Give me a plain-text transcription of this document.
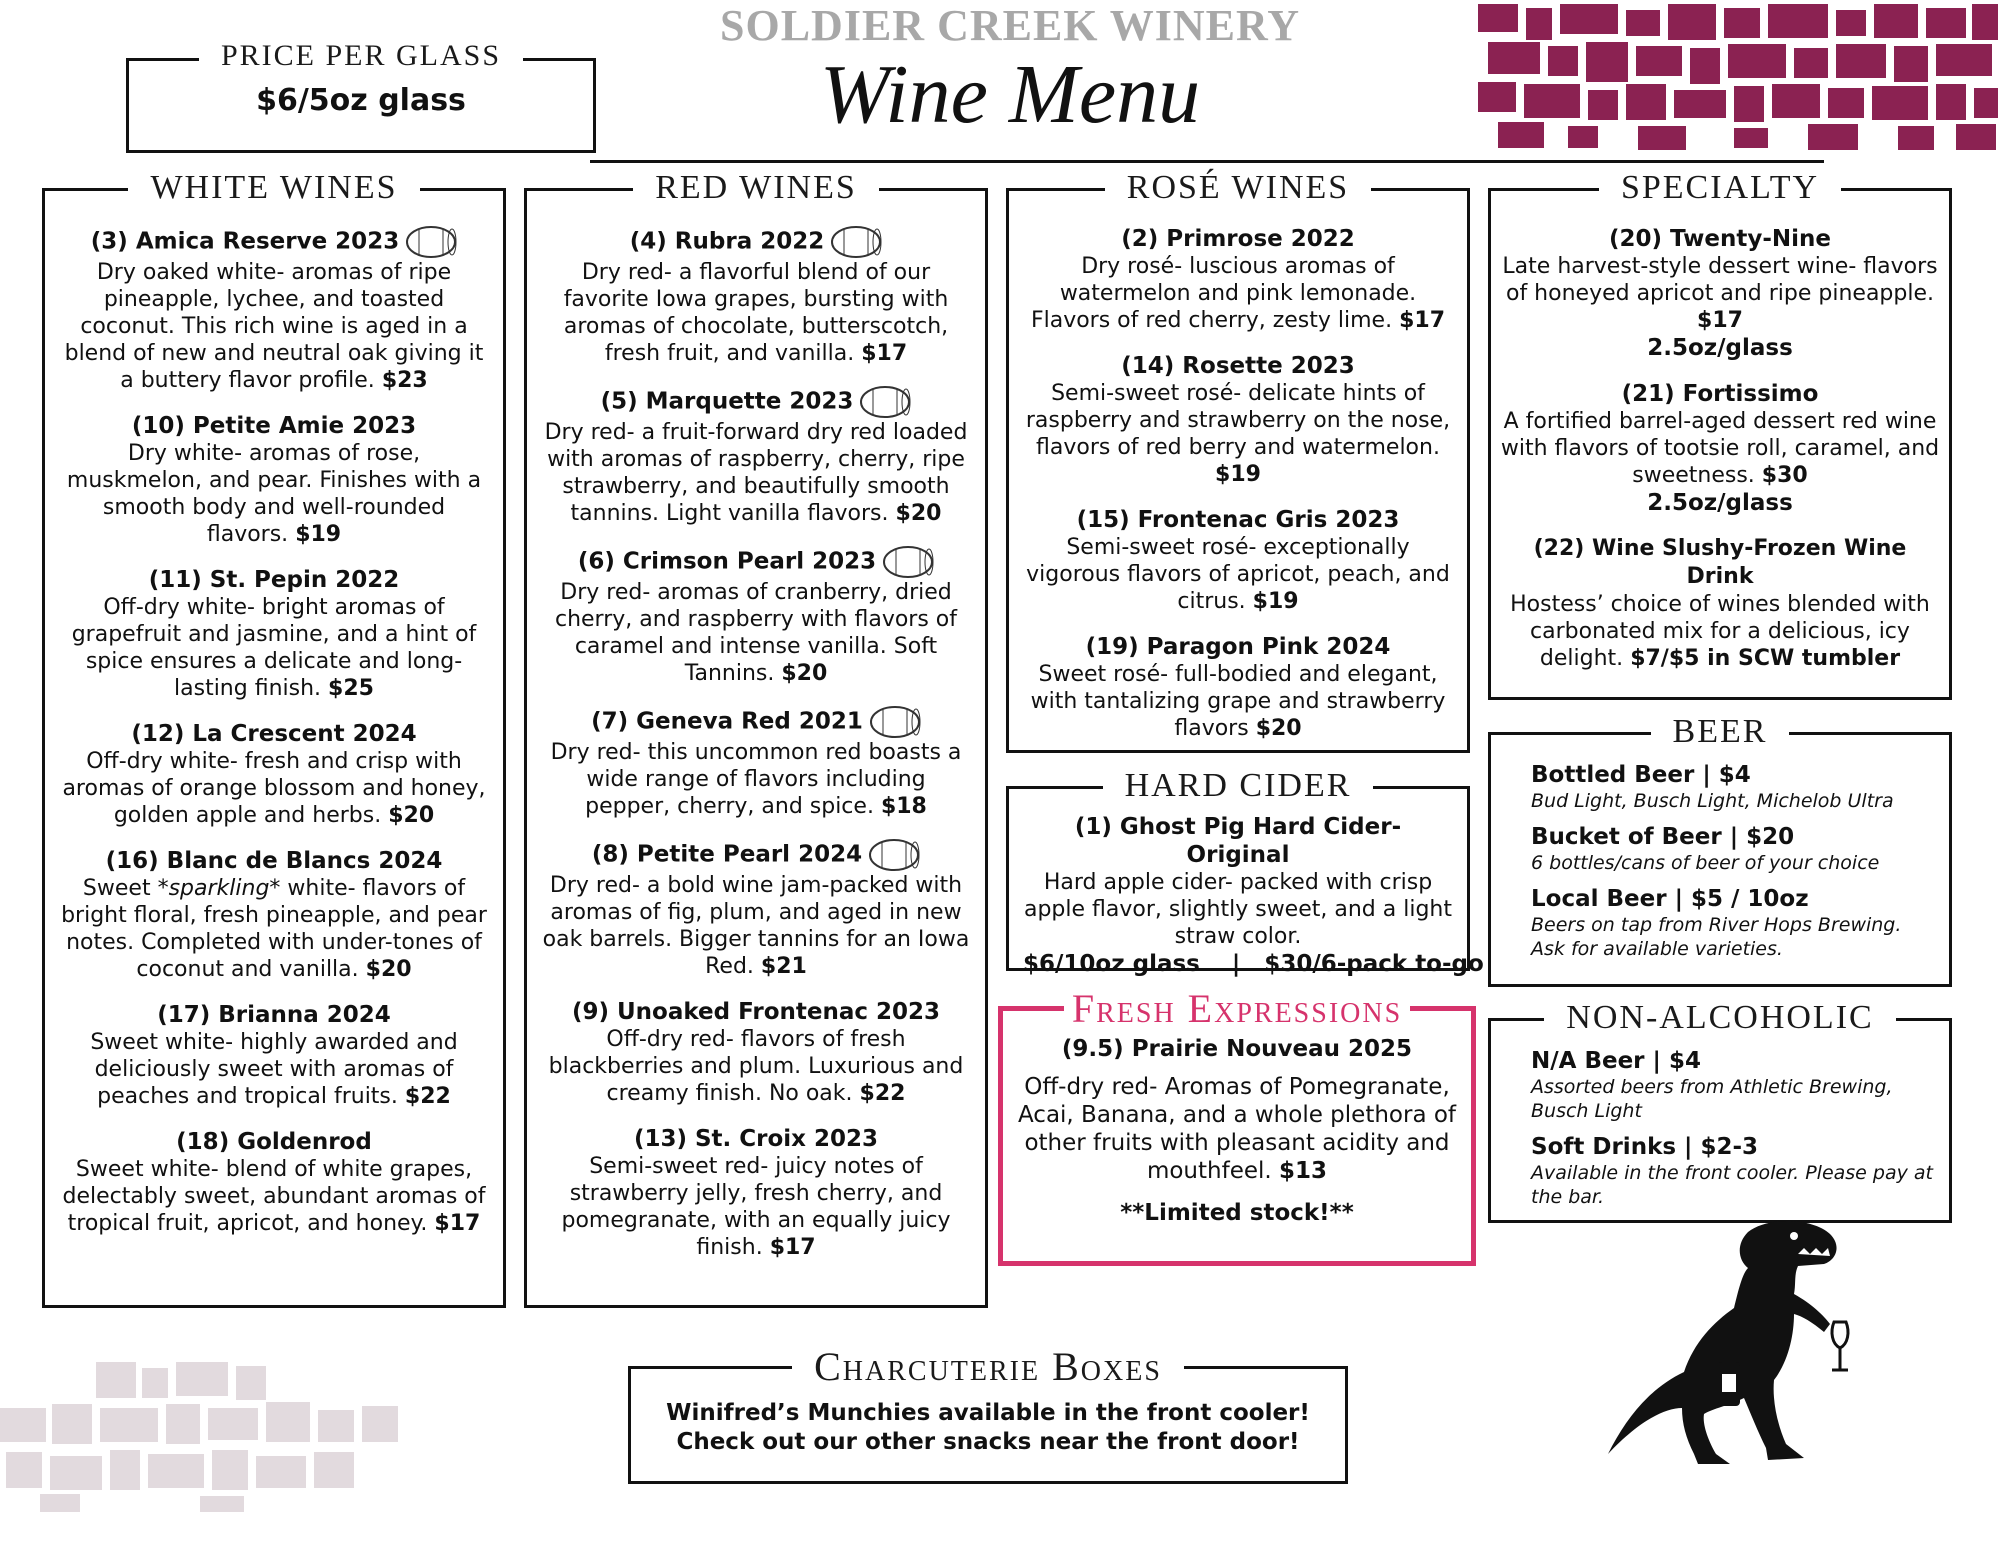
SOLDIER CREEK WINERY
Wine Menu
PRICE PER GLASS
$6/5oz glass
WHITE WINES
(3) Amica Reserve 2023
Dry oaked white- aromas of ripe pineapple, lychee, and toasted coconut. This rich wine is aged in a blend of new and neutral oak giving it a buttery flavor profile. $23
(10) Petite Amie 2023
Dry white- aromas of rose, muskmelon, and pear. Finishes with a smooth body and well-rounded flavors. $19
(11) St. Pepin 2022
Off-dry white- bright aromas of grapefruit and jasmine, and a hint of spice ensures a delicate and long-lasting finish. $25
(12) La Crescent 2024
Off-dry white- fresh and crisp with aromas of orange blossom and honey, golden apple and herbs. $20
(16) Blanc de Blancs 2024
Sweet *sparkling* white- flavors of bright floral, fresh pineapple, and pear notes. Completed with under-tones of coconut and vanilla. $20
(17) Brianna 2024
Sweet white- highly awarded and deliciously sweet with aromas of peaches and tropical fruits. $22
(18) Goldenrod
Sweet white- blend of white grapes, delectably sweet, abundant aromas of tropical fruit, apricot, and honey. $17
RED WINES
(4) Rubra 2022
Dry red- a flavorful blend of our favorite Iowa grapes, bursting with aromas of chocolate, butterscotch, fresh fruit, and vanilla. $17
(5) Marquette 2023
Dry red- a fruit-forward dry red loaded with aromas of raspberry, cherry, ripe strawberry, and beautifully smooth tannins. Light vanilla flavors. $20
(6) Crimson Pearl 2023
Dry red- aromas of cranberry, dried cherry, and raspberry with flavors of caramel and intense vanilla. Soft Tannins. $20
(7) Geneva Red 2021
Dry red- this uncommon red boasts a wide range of flavors including pepper, cherry, and spice. $18
(8) Petite Pearl 2024
Dry red- a bold wine jam-packed with aromas of fig, plum, and aged in new oak barrels. Bigger tannins for an Iowa Red. $21
(9) Unoaked Frontenac 2023
Off-dry red- flavors of fresh blackberries and plum. Luxurious and creamy finish. No oak. $22
(13) St. Croix 2023
Semi-sweet red- juicy notes of strawberry jelly, fresh cherry, and pomegranate, with an equally juicy finish. $17
ROSÉ WINES
(2) Primrose 2022
Dry rosé- luscious aromas of watermelon and pink lemonade. Flavors of red cherry, zesty lime. $17
(14) Rosette 2023
Semi-sweet rosé- delicate hints of raspberry and strawberry on the nose, flavors of red berry and watermelon. $19
(15) Frontenac Gris 2023
Semi-sweet rosé- exceptionally vigorous flavors of apricot, peach, and citrus. $19
(19) Paragon Pink 2024
Sweet rosé- full-bodied and elegant, with tantalizing grape and strawberry flavors $20
HARD CIDER
(1) Ghost Pig Hard Cider- Original
Hard apple cider- packed with crisp apple flavor, slightly sweet, and a light straw color.
$6/10oz glass    |   $30/6-pack to-go
Fresh Expressions
(9.5) Prairie Nouveau 2025
Off-dry red- Aromas of Pomegranate, Acai, Banana, and a whole plethora of other fruits with pleasant acidity and mouthfeel. $13
**Limited stock!**
SPECIALTY
(20) Twenty-Nine
Late harvest-style dessert wine- flavors of honeyed apricot and ripe pineapple. $17
2.5oz/glass
(21) Fortissimo
A fortified barrel-aged dessert red wine with flavors of tootsie roll, caramel, and sweetness. $30
2.5oz/glass
(22) Wine Slushy-Frozen Wine Drink
Hostess’ choice of wines blended with carbonated mix for a delicious, icy delight. $7/$5 in SCW tumbler
BEER
Bottled Beer | $4
Bud Light, Busch Light, Michelob Ultra
Bucket of Beer | $20
6 bottles/cans of beer of your choice
Local Beer | $5 / 10oz
Beers on tap from River Hops Brewing. Ask for available varieties.
NON-ALCOHOLIC
N/A Beer | $4
Assorted beers from Athletic Brewing, Busch Light
Soft Drinks | $2-3
Available in the front cooler. Please pay at the bar.
Charcuterie Boxes
Winifred’s Munchies available in the front cooler!
Check out our other snacks near the front door!
